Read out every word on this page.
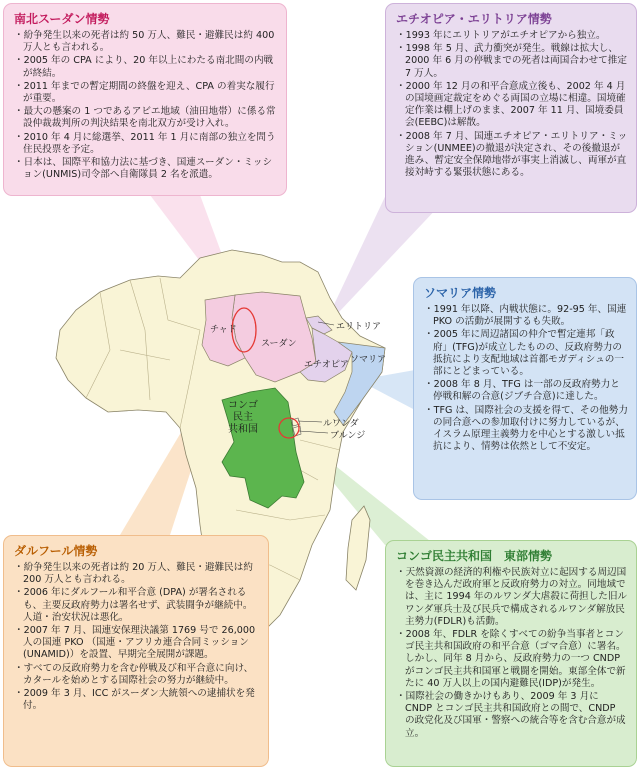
チャド
スーダン
エリトリア
エチオピア ソマリア
コンゴ
民主
共和国	ルワンダ
ブルンジ
南北スーダン情勢
・ 紛争発生以来の死者は約 50 万人、難民・避難民は約 400 万人とも言われる。
・ 2005 年の CPA により、20 年以上にわたる南北間の内戦が終結。
・ 2011 年までの暫定期間の終盤を迎え、CPA の着実な履行が重要。
・ 最大の懸案の 1 つであるアビエ地域（油田地帯）に係る常設仲裁裁判所の判決結果を南北双方が受け入れ。
・ 2010 年 4 月に総選挙、2011 年 1 月に南部の独立を問う住民投票を予定。
・ 日本は、国際平和協力法に基づき、国連スーダン・ミッション(UNMIS)司令部へ自衛隊員 2 名を派遣。
エチオピア・エリトリア情勢
・ 1993 年にエリトリアがエチオピアから独立。
・ 1998 年 5 月、武力衝突が発生。戦線は拡大し、2000 年 6 月の停戦までの死者は両国合わせて推定 7 万人。
・ 2000 年 12 月の和平合意成立後も、2002 年 4 月の国境画定裁定をめぐる両国の立場に相違。国境確定作業は棚上げのまま、2007 年 11 月、国境委員会(EEBC)は解散。
・ 2008 年 7 月、国連エチオピア・エリトリア・ミッション(UNMEE)の撤退が決定され、その後撤退が進み、暫定安全保障地帯が事実上消滅し、両軍が直接対峙する緊張状態にある。
ソマリア情勢
・ 1991 年以降、内戦状態に。92-95 年、国連 PKO の活動が展開するも失敗。
・ 2005 年に周辺諸国の仲介で暫定連邦「政府」(TFG)が成立したものの、反政府勢力の抵抗により支配地域は首都モガディシュの一部にとどまっている。
・ 2008 年 8 月、TFG は一部の反政府勢力と停戦和解の合意(ジブチ合意)に達した。
・ TFG は、国際社会の支援を得て、その他勢力の同合意への参加取付けに努力しているが、イスラム原理主義勢力を中心とする激しい抵抗により、情勢は依然として不安定。
ダルフール情勢
・ 紛争発生以来の死者は約 20 万人、難民・避難民は約 200 万人とも言われる。
・ 2006 年にダルフール和平合意 (DPA) が署名されるも、主要反政府勢力は署名せず、武装闘争が継続中。人道・治安状況は悪化。
・ 2007 年 7 月、国連安保理決議第 1769 号で 26,000 人の国連 PKO （国連・アフリカ連合合同ミッション(UNAMID)）を設置、早期完全展開が課題。
・ すべての反政府勢力を含む停戦及び和平合意に向け、カタールを始めとする国際社会の努力が継続中。
・ 2009 年 3 月、ICC がスーダン大統領への逮捕状を発付。
コンゴ民主共和国　東部情勢
・ 天然資源の経済的利権や民族対立に起因する周辺国を巻き込んだ政府軍と反政府勢力の対立。同地域では、主に 1994 年のルワンダ大虐殺に荷担した旧ルワンダ軍兵士及び民兵で構成されるルワンダ解放民主勢力(FDLR)も活動。
・ 2008 年、FDLR を除くすべての紛争当事者とコンゴ民主共和国政府の和平合意（ゴマ合意）に署名。しかし、同年 8 月から、反政府勢力の一つ CNDP がコンゴ民主共和国軍と戦闘を開始。東部全体で新たに 40 万人以上の国内避難民(IDP)が発生。
・ 国際社会の働きかけもあり、2009 年 3 月に CNDP とコンゴ民主共和国政府との間で、CNDP の政党化及び国軍・警察への統合等を含む合意が成立。
